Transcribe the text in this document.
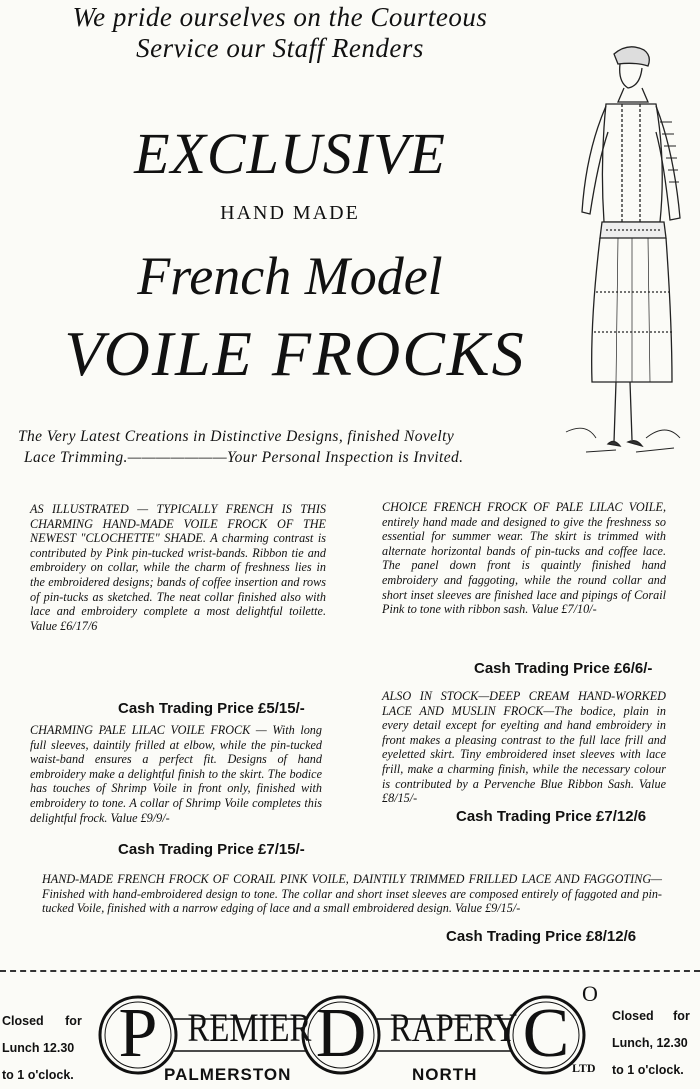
We pride ourselves on the Courteous
Service our Staff Renders
EXCLUSIVE
HAND MADE
French Model
VOILE FROCKS
The Very Latest Creations in Distinctive Designs, finished Novelty
Lace Trimming.———————Your Personal Inspection is Invited.
AS ILLUSTRATED — TYPICALLY FRENCH IS THIS CHARMING HAND-MADE VOILE FROCK OF THE NEWEST "CLOCHETTE" SHADE. A charming contrast is contributed by Pink pin-tucked wrist-bands. Ribbon tie and embroidery on collar, while the charm of freshness lies in the embroidered designs; bands of coffee insertion and rows of pin-tucks as sketched. The neat collar finished also with lace and embroidery complete a most delightful toilette. Value £6/17/6
Cash Trading Price £5/15/-
CHARMING PALE LILAC VOILE FROCK — With long full sleeves, daintily frilled at elbow, while the pin-tucked waist-band ensures a perfect fit. Designs of hand embroidery make a delightful finish to the skirt. The bodice has touches of Shrimp Voile in front only, finished with embroidery to tone. A collar of Shrimp Voile completes this delightful frock. Value £9/9/-
Cash Trading Price £7/15/-
CHOICE FRENCH FROCK OF PALE LILAC VOILE, entirely hand made and designed to give the freshness so essential for summer wear. The skirt is trimmed with alternate horizontal bands of pin-tucks and coffee lace. The panel down front is quaintly finished hand embroidery and faggoting, while the round collar and short inset sleeves are finished lace and pipings of Corail Pink to tone with ribbon sash. Value £7/10/-
Cash Trading Price £6/6/-
ALSO IN STOCK—DEEP CREAM HAND-WORKED LACE AND MUSLIN FROCK—The bodice, plain in every detail except for eyelting and hand embroidery in front makes a pleasing contrast to the full lace frill and eyeletted skirt. Tiny embroidered inset sleeves with lace frill, make a charming finish, while the necessary colour is contributed by a Pervenche Blue Ribbon Sash. Value £8/15/-
Cash Trading Price £7/12/6
HAND-MADE FRENCH FROCK OF CORAIL PINK VOILE, DAINTILY TRIMMED FRILLED LACE AND FAGGOTING—Finished with hand-embroidered design to tone. The collar and short inset sleeves are composed entirely of faggoted and pin-tucked Voile, finished with a narrow edging of lace and a small embroidered design. Value £9/15/-
Cash Trading Price £8/12/6
Closed for
Lunch 12.30
to 1 o'clock.
Closed for
Lunch, 12.30
to 1 o'clock.
P REMIER D RAPERY C
O
LTD
PALMERSTON	NORTH
